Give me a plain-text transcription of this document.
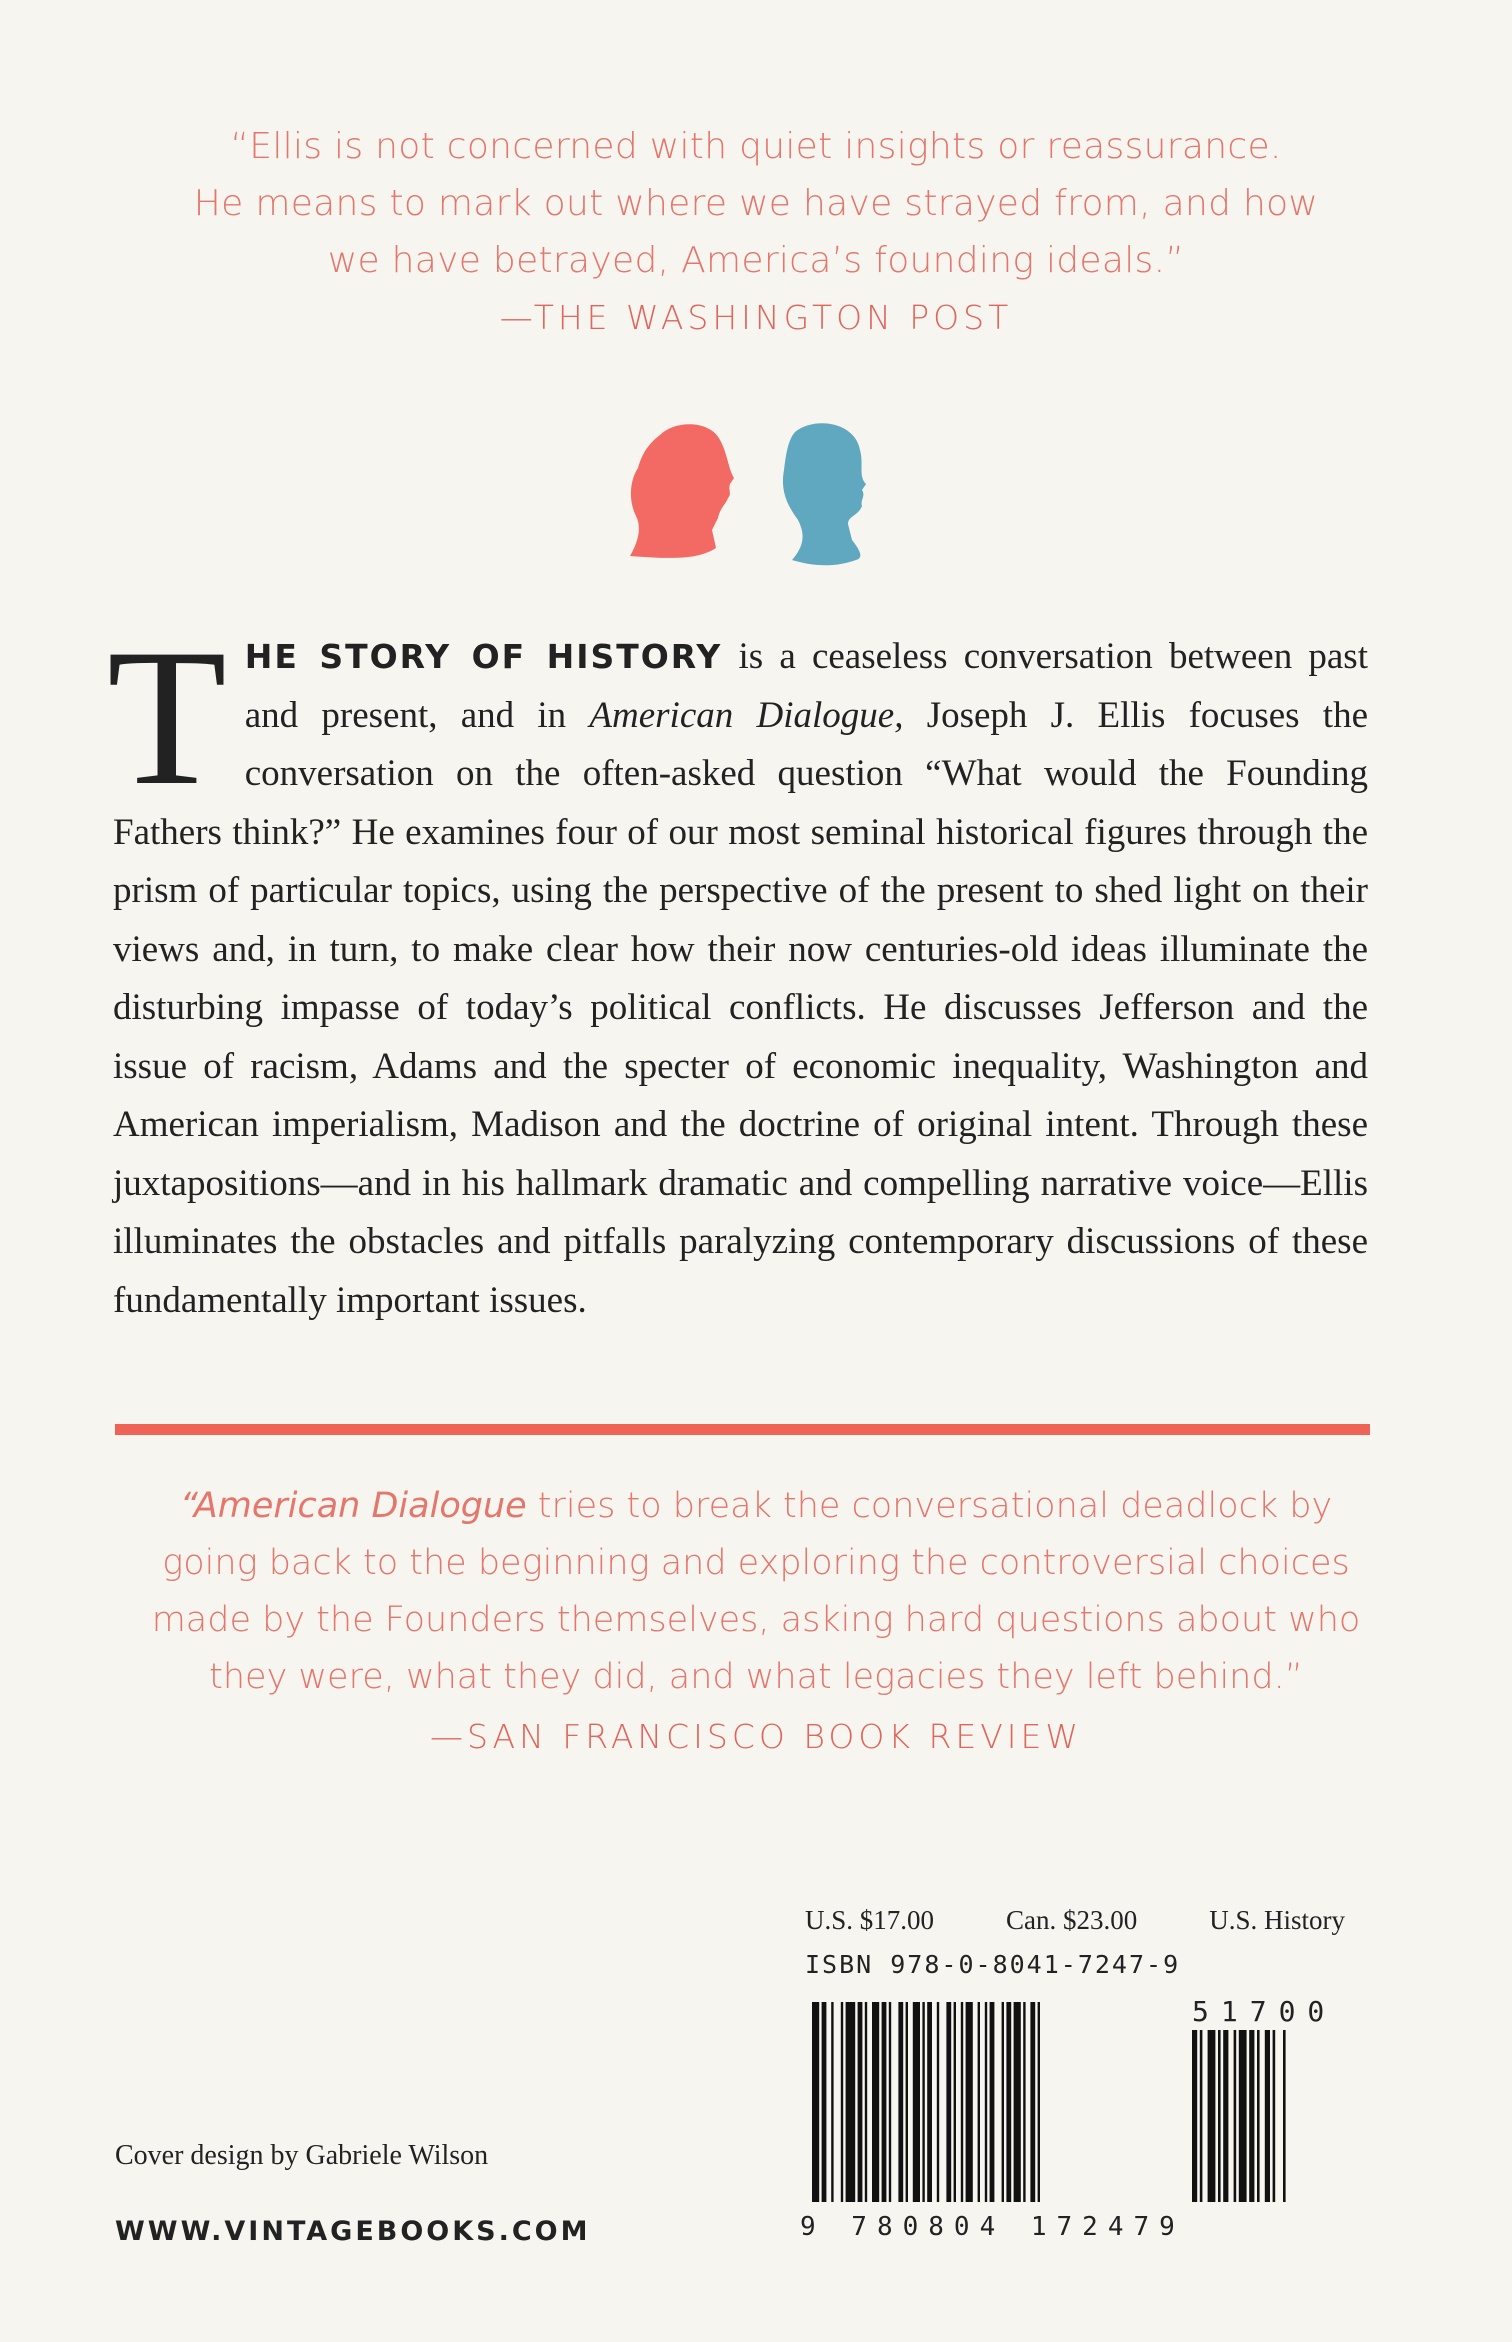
“Ellis is not concerned with quiet insights or reassurance.
He means to mark out where we have strayed from, and how
we have betrayed, America’s founding ideals.”
—THE WASHINGTON POST
T HE STORY OF HISTORY is a ceaseless conversation between past and present, and in American Dialogue, Joseph J. Ellis focuses the conversation on the often-asked question “What would the Founding Fathers think?” He examines four of our most seminal historical figures through the prism of particular topics, using the perspective of the present to shed light on their views and, in turn, to make clear how their now centuries-old ideas illuminate the disturbing impasse of today’s political conflicts. He discusses Jefferson and the issue of racism, Adams and the specter of economic inequality, Washington and American imperialism, Madison and the doctrine of original intent. Through these juxtapositions—and in his hallmark dramatic and compelling narrative voice—Ellis illuminates the obstacles and pitfalls paralyzing contemporary discussions of these fundamentally important issues.
“American Dialogue tries to break the conversational deadlock by
going back to the beginning and exploring the controversial choices
made by the Founders themselves, asking hard questions about who
they were, what they did, and what legacies they left behind.”
—SAN FRANCISCO BOOK REVIEW
U.S. $17.00	Can. $23.00	U.S. History
ISBN 978-0-8041-7247-9
51700
9 780804 172479
Cover design by Gabriele Wilson
WWW.VINTAGEBOOKS.COM
